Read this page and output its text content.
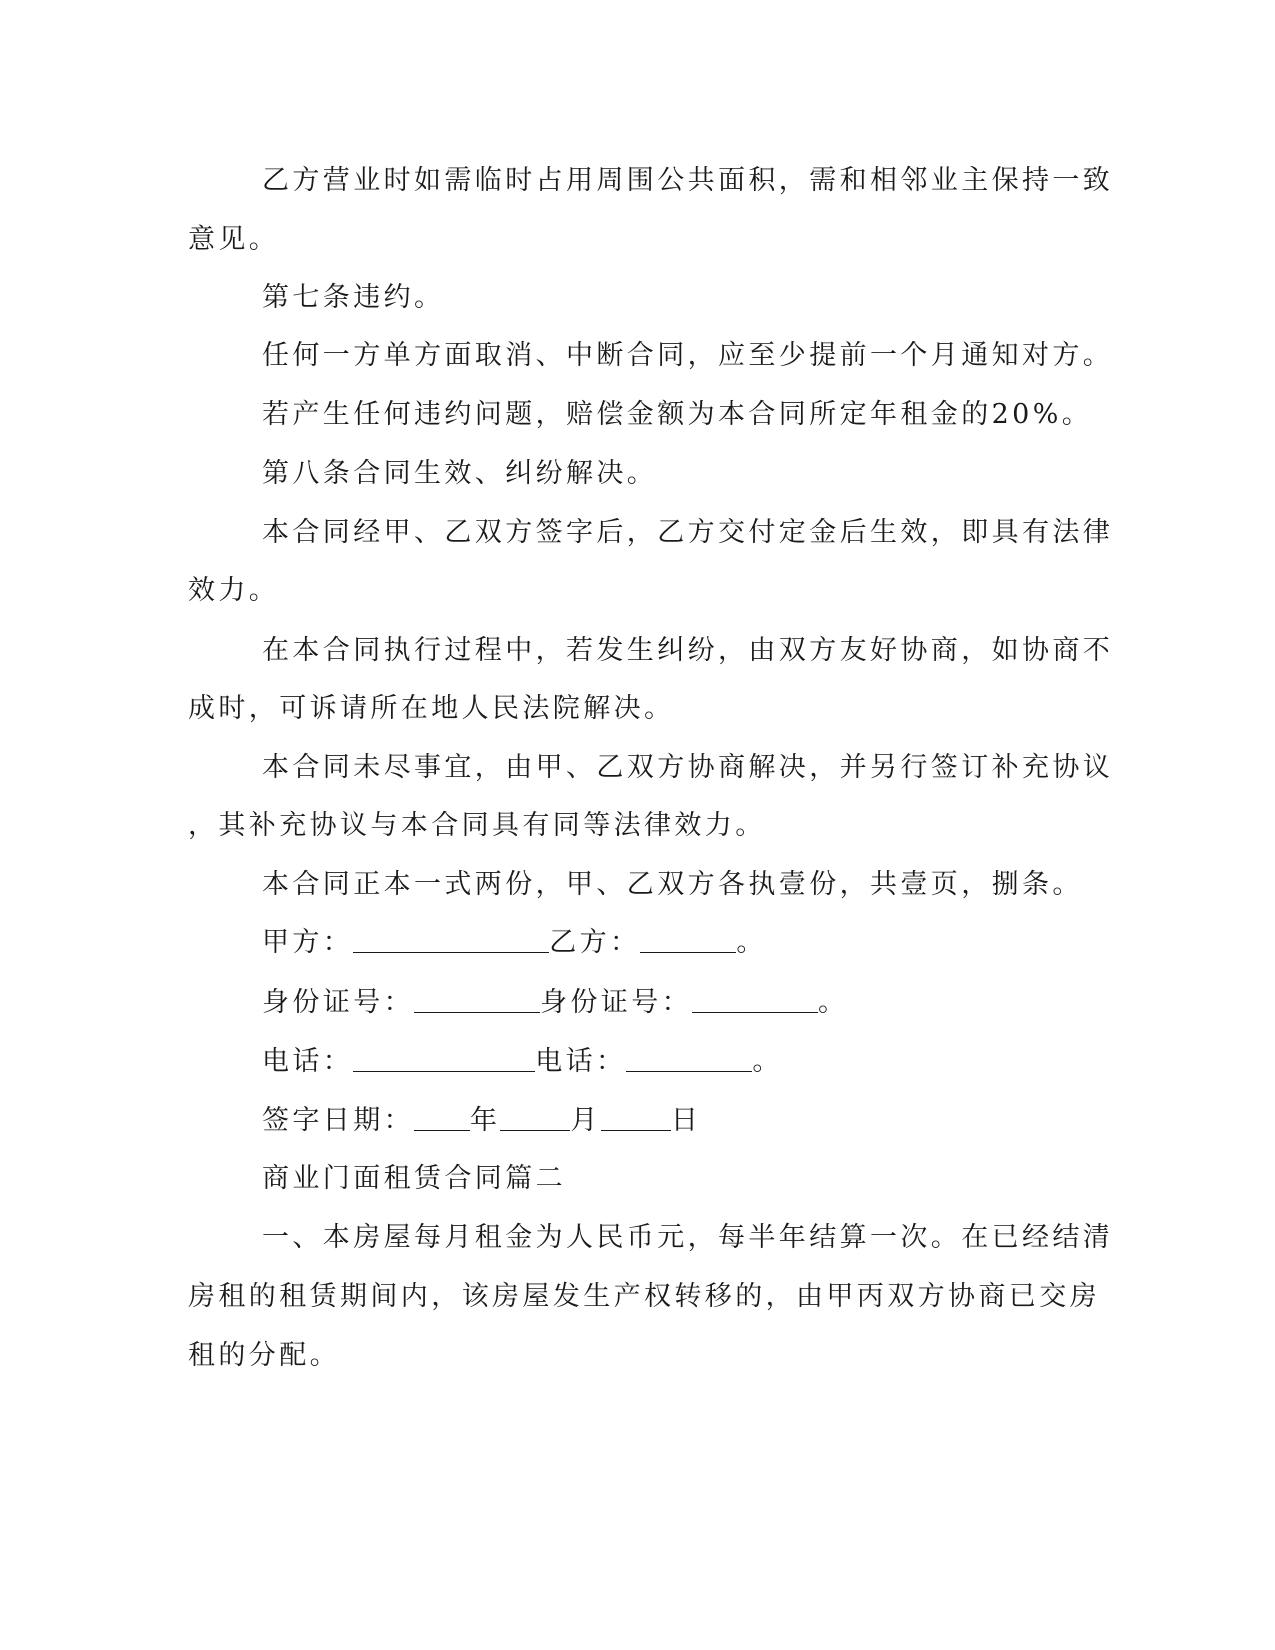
乙方营业时如需临时占用周围公共面积，需和相邻业主保持一致
意见。
第七条违约。
任何一方单方面取消、中断合同，应至少提前一个月通知对方。
若产生任何违约问题，赔偿金额为本合同所定年租金的20%。
第八条合同生效、纠纷解决。
本合同经甲、乙双方签字后，乙方交付定金后生效，即具有法律
效力。
在本合同执行过程中，若发生纠纷，由双方友好协商，如协商不
成时，可诉请所在地人民法院解决。
本合同未尽事宜，由甲、乙双方协商解决，并另行签订补充协议
，其补充协议与本合同具有同等法律效力。
本合同正本一式两份，甲、乙双方各执壹份，共壹页，捌条。
甲方：	乙方：	。
身份证号：	身份证号：	。
电话：	电话：	。
签字日期： 年	月	日
商业门面租赁合同篇二
一、本房屋每月租金为人民币元，每半年结算一次。在已经结清
房租的租赁期间内，该房屋发生产权转移的，由甲丙双方协商已交房
租的分配。
